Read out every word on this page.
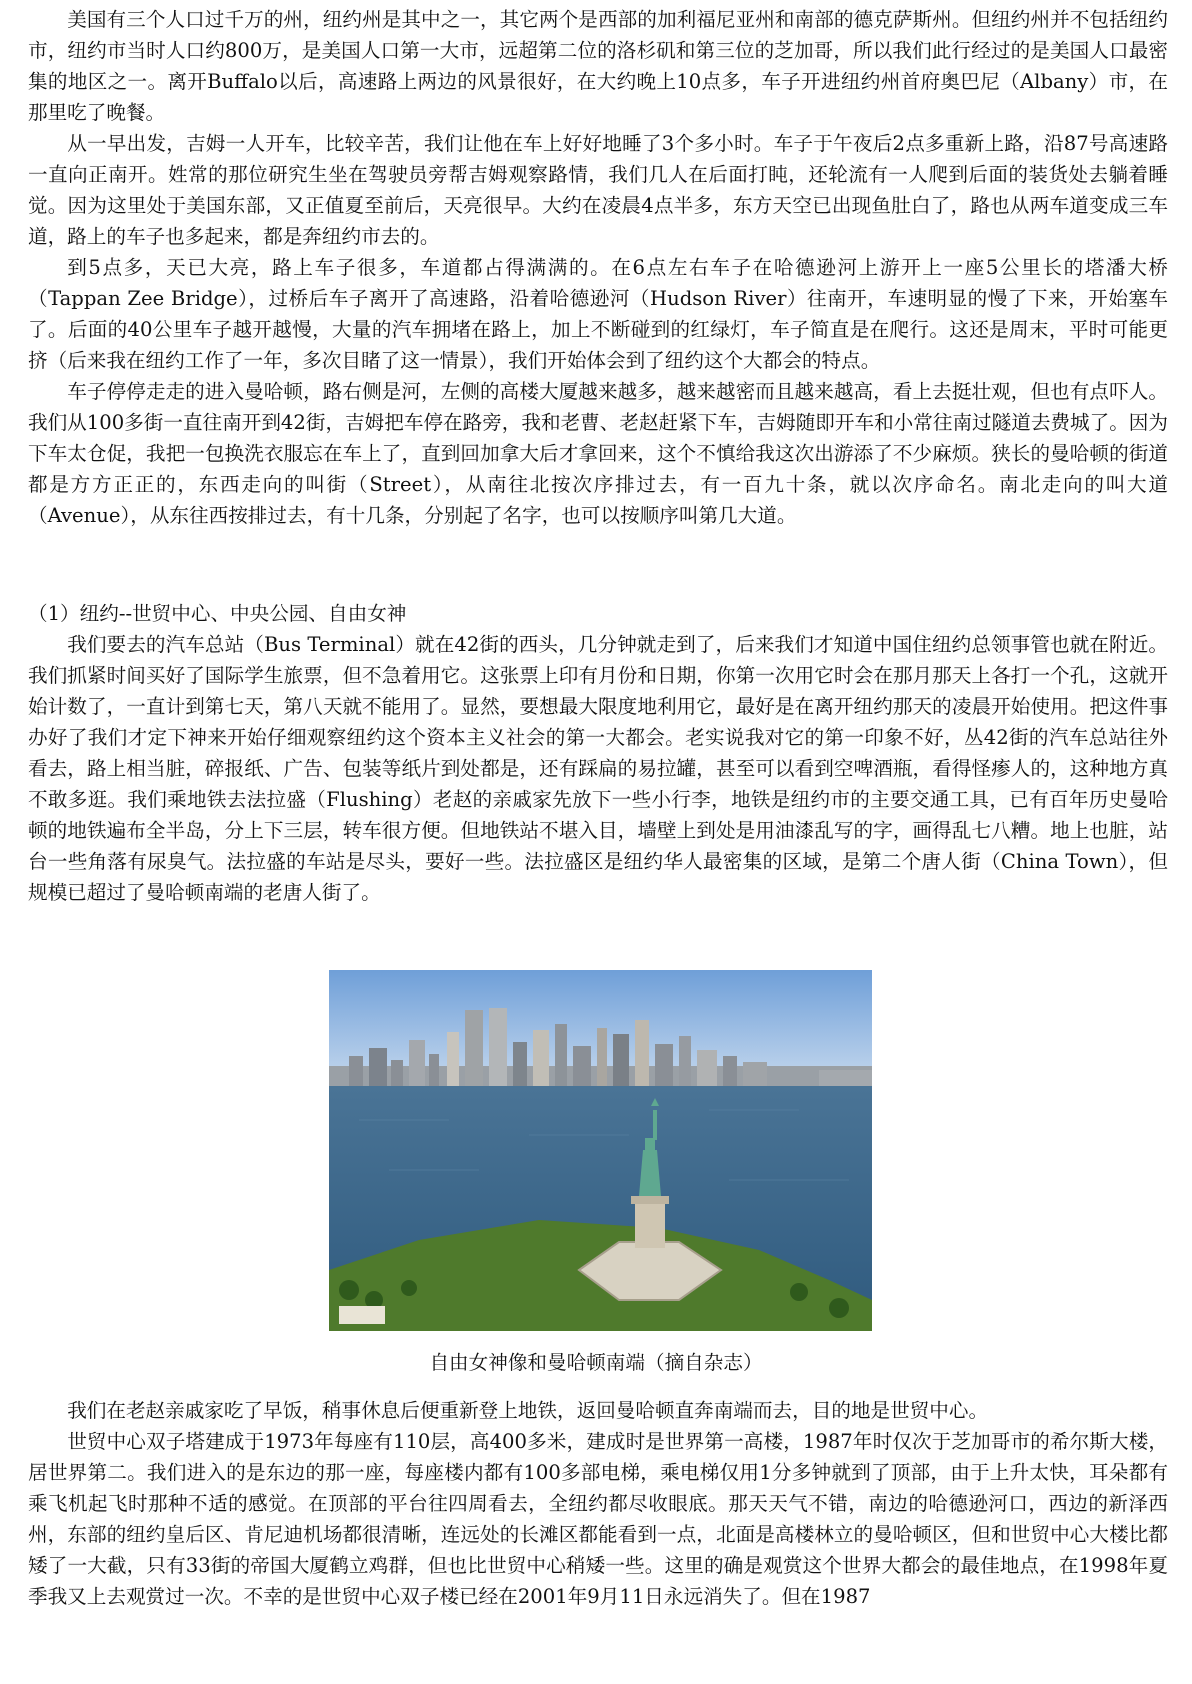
美国有三个人口过千万的州，纽约州是其中之一，其它两个是西部的加利福尼亚州和南部的德克萨斯州。但纽约州并不包括纽约市，纽约市当时人口约800万，是美国人口第一大市，远超第二位的洛杉矶和第三位的芝加哥，所以我们此行经过的是美国人口最密集的地区之一。离开Buffalo以后，高速路上两边的风景很好，在大约晚上10点多，车子开进纽约州首府奥巴尼（Albany）市，在那里吃了晚餐。

从一早出发，吉姆一人开车，比较辛苦，我们让他在车上好好地睡了3个多小时。车子于午夜后2点多重新上路，沿87号高速路一直向正南开。姓常的那位研究生坐在驾驶员旁帮吉姆观察路情，我们几人在后面打盹，还轮流有一人爬到后面的装货处去躺着睡觉。因为这里处于美国东部，又正值夏至前后，天亮很早。大约在凌晨4点半多，东方天空已出现鱼肚白了，路也从两车道变成三车道，路上的车子也多起来，都是奔纽约市去的。

到5点多，天已大亮，路上车子很多，车道都占得满满的。在6点左右车子在哈德逊河上游开上一座5公里长的塔潘大桥（Tappan Zee Bridge），过桥后车子离开了高速路，沿着哈德逊河（Hudson River）往南开，车速明显的慢了下来，开始塞车了。后面的40公里车子越开越慢，大量的汽车拥堵在路上，加上不断碰到的红绿灯，车子简直是在爬行。这还是周末，平时可能更挤（后来我在纽约工作了一年，多次目睹了这一情景），我们开始体会到了纽约这个大都会的特点。

车子停停走走的进入曼哈顿，路右侧是河，左侧的高楼大厦越来越多，越来越密而且越来越高，看上去挺壮观，但也有点吓人。我们从100多街一直往南开到42街，吉姆把车停在路旁，我和老曹、老赵赶紧下车，吉姆随即开车和小常往南过隧道去费城了。因为下车太仓促，我把一包换洗衣服忘在车上了，直到回加拿大后才拿回来，这个不慎给我这次出游添了不少麻烦。狭长的曼哈顿的街道都是方方正正的，东西走向的叫街（Street），从南往北按次序排过去，有一百九十条，就以次序命名。南北走向的叫大道（Avenue），从东往西按排过去，有十几条，分别起了名字，也可以按顺序叫第几大道。

（1）纽约--世贸中心、中央公园、自由女神

我们要去的汽车总站（Bus Terminal）就在42街的西头，几分钟就走到了，后来我们才知道中国住纽约总领事管也就在附近。我们抓紧时间买好了国际学生旅票，但不急着用它。这张票上印有月份和日期，你第一次用它时会在那月那天上各打一个孔，这就开始计数了，一直计到第七天，第八天就不能用了。显然，要想最大限度地利用它，最好是在离开纽约那天的凌晨开始使用。把这件事办好了我们才定下神来开始仔细观察纽约这个资本主义社会的第一大都会。老实说我对它的第一印象不好，丛42街的汽车总站往外看去，路上相当脏，碎报纸、广告、包装等纸片到处都是，还有踩扁的易拉罐，甚至可以看到空啤酒瓶，看得怪瘆人的，这种地方真不敢多逛。我们乘地铁去法拉盛（Flushing）老赵的亲戚家先放下一些小行李，地铁是纽约市的主要交通工具，已有百年历史曼哈顿的地铁遍布全半岛，分上下三层，转车很方便。但地铁站不堪入目，墙壁上到处是用油漆乱写的字，画得乱七八糟。地上也脏，站台一些角落有尿臭气。法拉盛的车站是尽头，要好一些。法拉盛区是纽约华人最密集的区域，是第二个唐人街（China Town），但规模已超过了曼哈顿南端的老唐人街了。

自由女神像和曼哈顿南端（摘自杂志）

我们在老赵亲戚家吃了早饭，稍事休息后便重新登上地铁，返回曼哈顿直奔南端而去，目的地是世贸中心。

世贸中心双子塔建成于1973年每座有110层，高400多米，建成时是世界第一高楼，1987年时仅次于芝加哥市的希尔斯大楼，居世界第二。我们进入的是东边的那一座，每座楼内都有100多部电梯，乘电梯仅用1分多钟就到了顶部，由于上升太快，耳朵都有乘飞机起飞时那种不适的感觉。在顶部的平台往四周看去，全纽约都尽收眼底。那天天气不错，南边的哈德逊河口，西边的新泽西州，东部的纽约皇后区、肯尼迪机场都很清晰，连远处的长滩区都能看到一点，北面是高楼林立的曼哈顿区，但和世贸中心大楼比都矮了一大截，只有33街的帝国大厦鹤立鸡群，但也比世贸中心稍矮一些。这里的确是观赏这个世界大都会的最佳地点，在1998年夏季我又上去观赏过一次。不幸的是世贸中心双子楼已经在2001年9月11日永远消失了。但在1987
